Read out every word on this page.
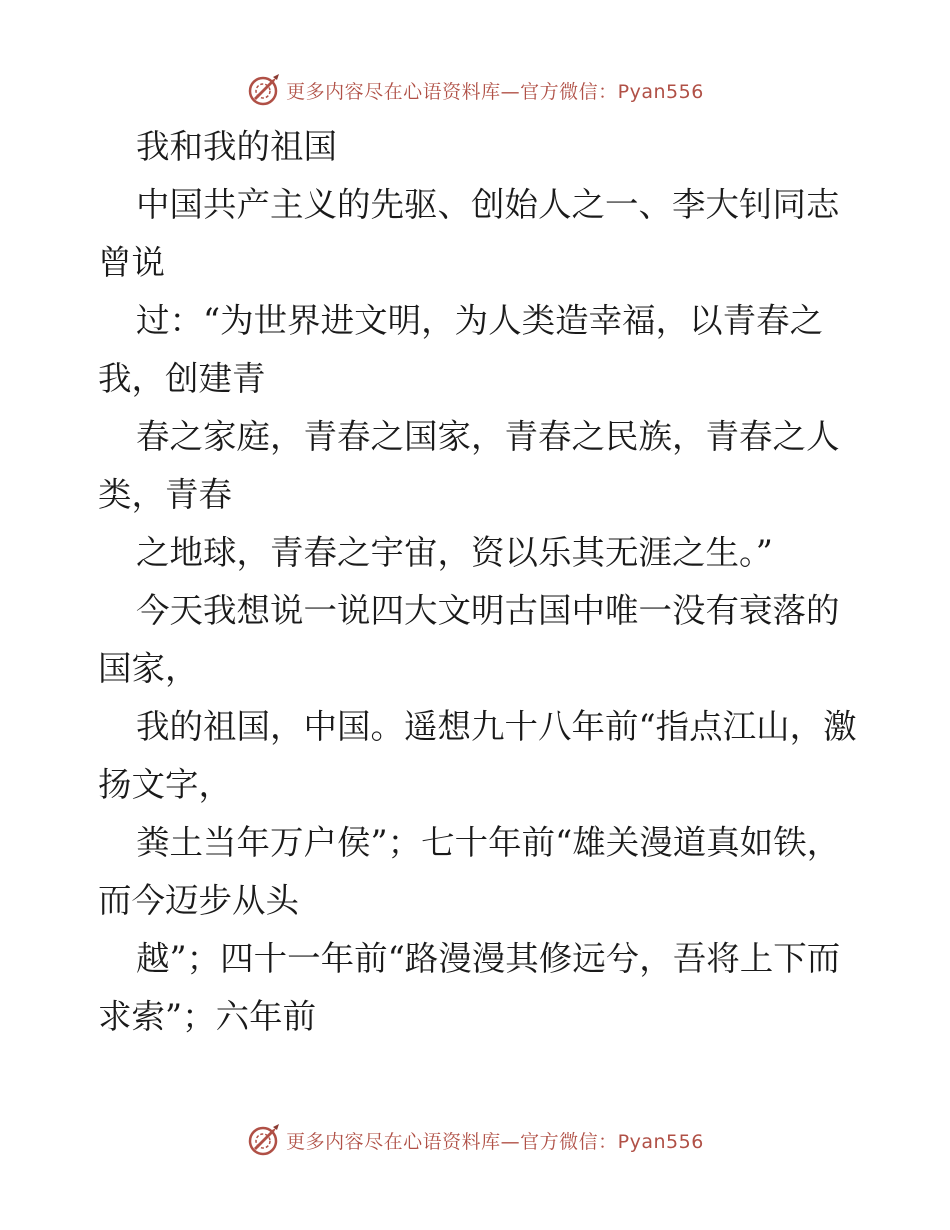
更多内容尽在心语资料库—官方微信：Pyan556

我和我的祖国

中国共产主义的先驱、创始人之一、李大钊同志曾说

过：“为世界进文明，为人类造幸福，以青春之我，创建青

春之家庭，青春之国家，青春之民族，青春之人类，青春

之地球，青春之宇宙，资以乐其无涯之生。”

今天我想说一说四大文明古国中唯一没有衰落的国家，

我的祖国，中国。遥想九十八年前“指点江山，激扬文字，

粪土当年万户侯”；七十年前“雄关漫道真如铁，而今迈步从头

越”；四十一年前“路漫漫其修远兮，吾将上下而求索”；六年前

更多内容尽在心语资料库—官方微信：Pyan556
